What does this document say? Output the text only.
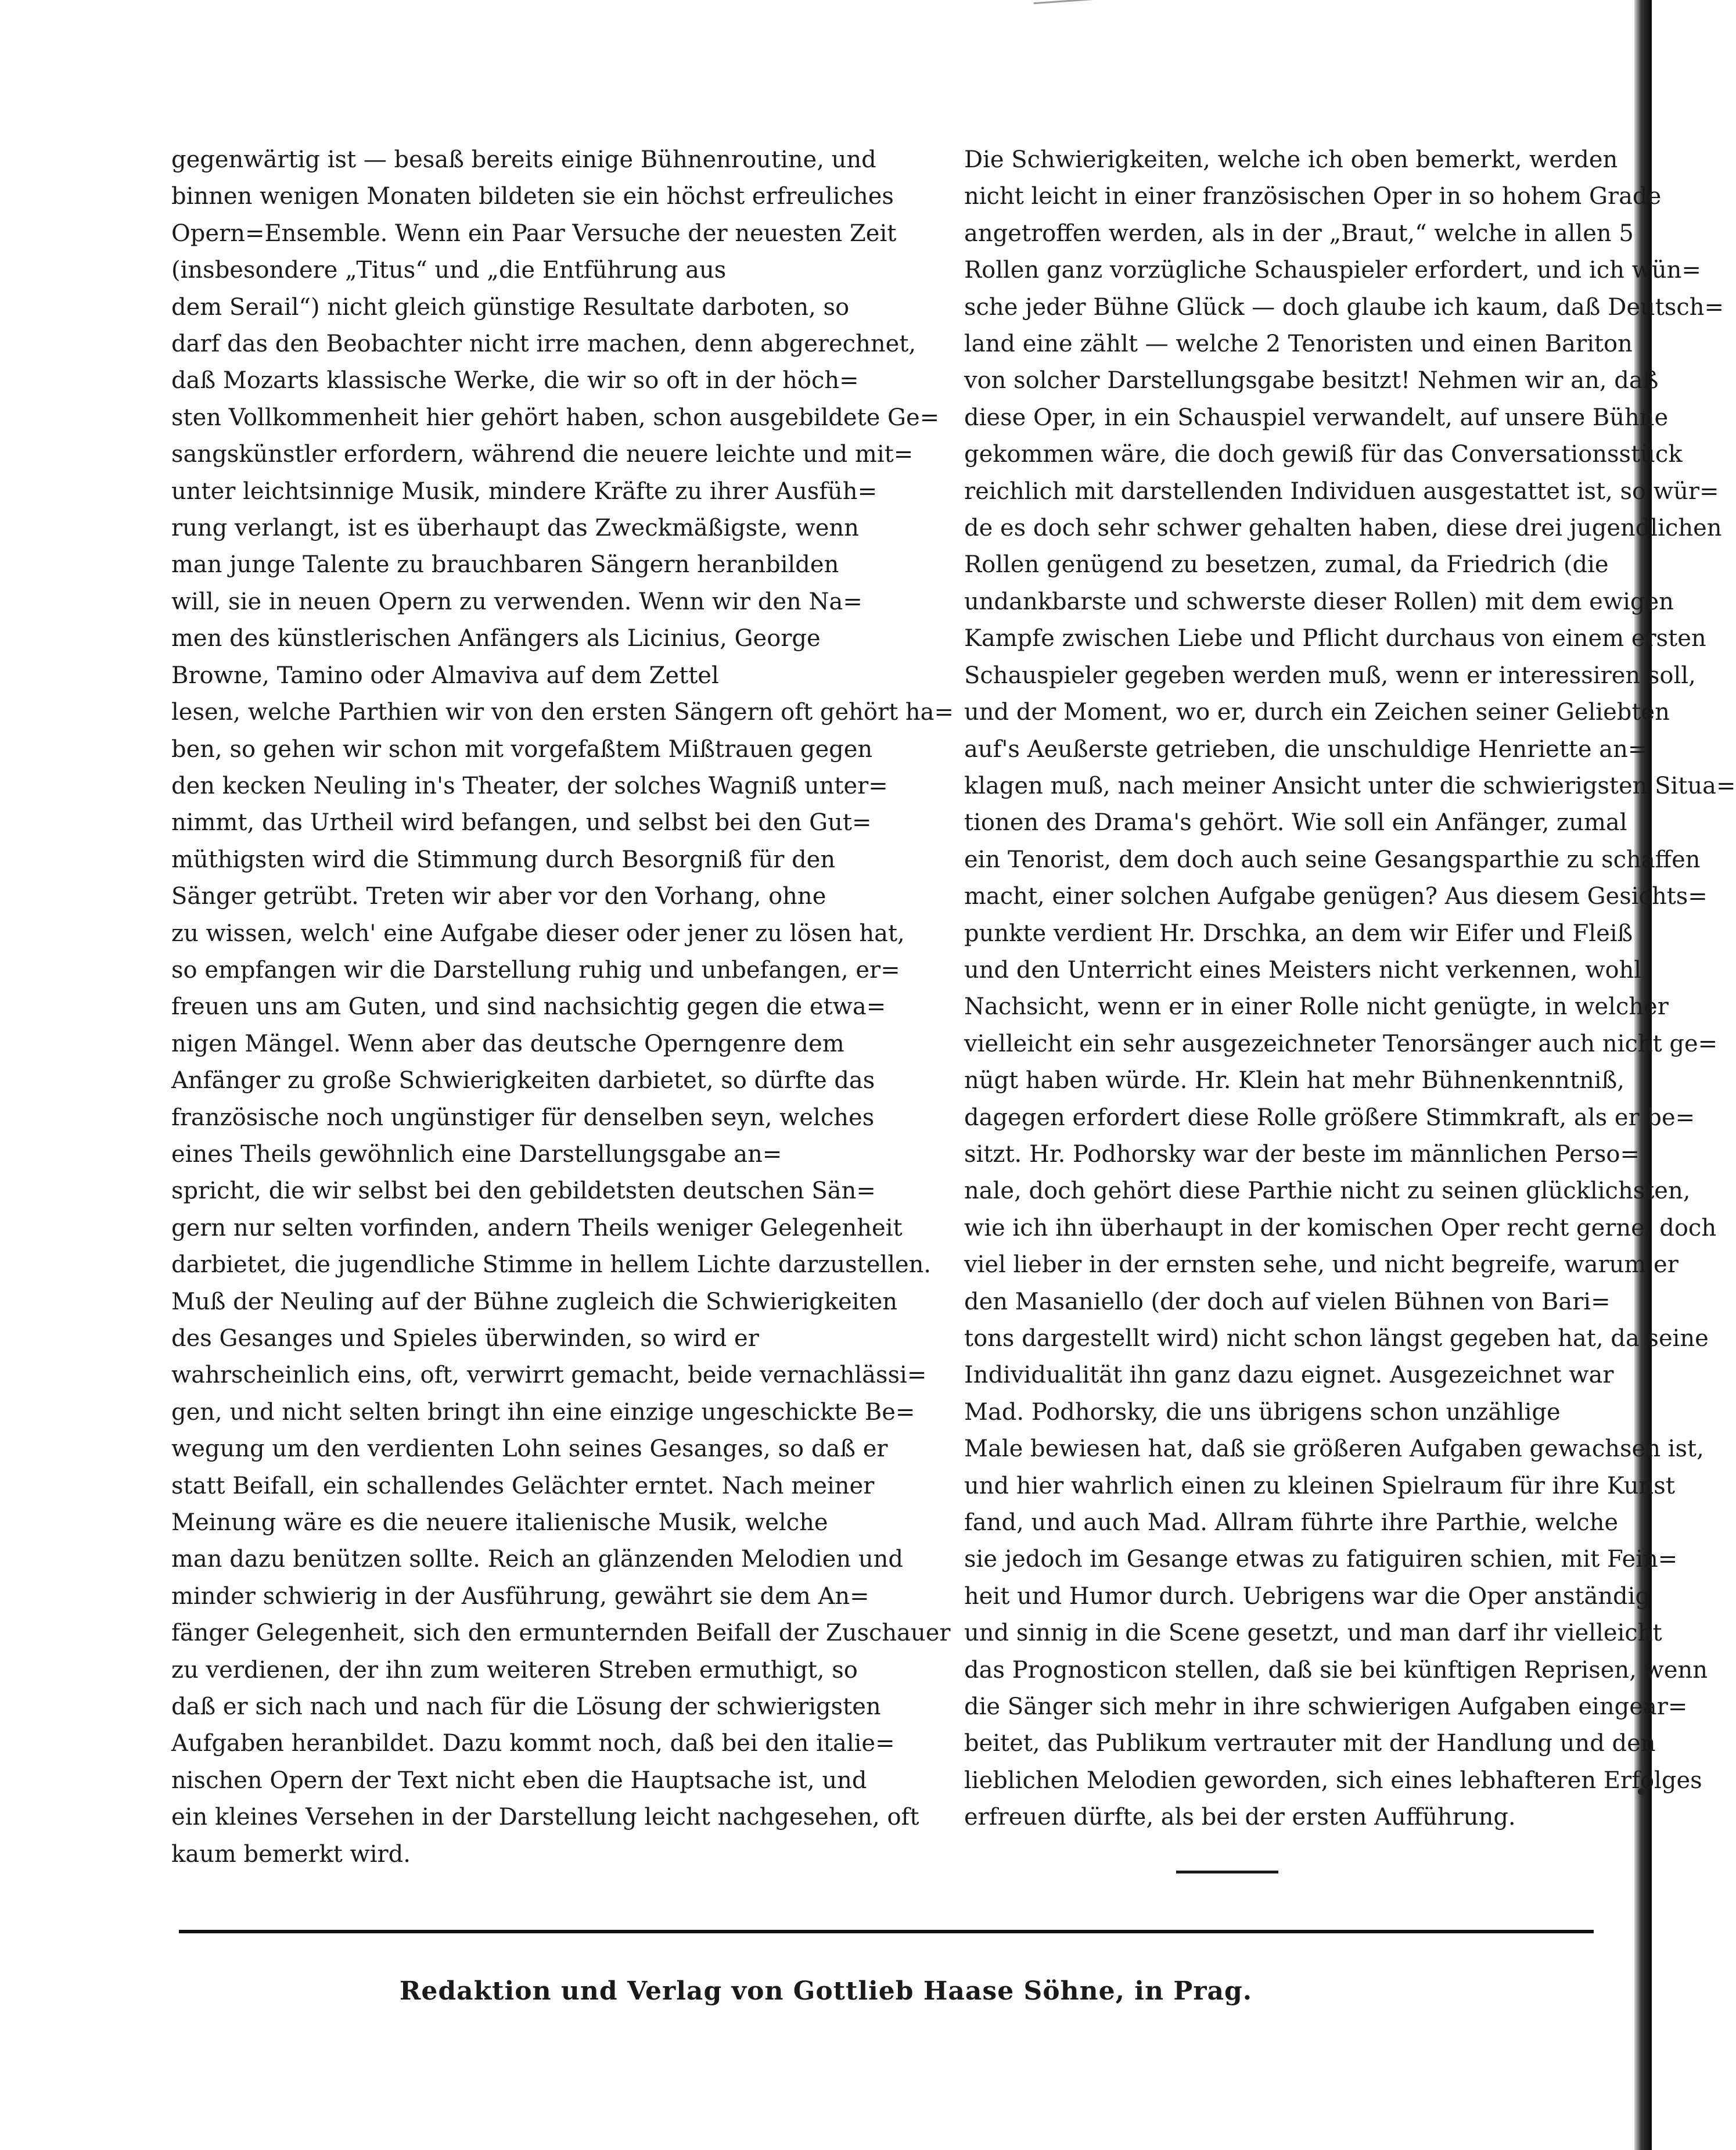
gegenwärtig ist — besaß bereits einige Bühnenroutine, und
binnen wenigen Monaten bildeten sie ein höchst erfreuliches
Opern=Ensemble. Wenn ein Paar Versuche der neuesten Zeit
(insbesondere „Titus“ und „die Entführung aus
dem Serail“) nicht gleich günstige Resultate darboten, so
darf das den Beobachter nicht irre machen, denn abgerechnet,
daß Mozarts klassische Werke, die wir so oft in der höch=
sten Vollkommenheit hier gehört haben, schon ausgebildete Ge=
sangskünstler erfordern, während die neuere leichte und mit=
unter leichtsinnige Musik, mindere Kräfte zu ihrer Ausfüh=
rung verlangt, ist es überhaupt das Zweckmäßigste, wenn
man junge Talente zu brauchbaren Sängern heranbilden
will, sie in neuen Opern zu verwenden. Wenn wir den Na=
men des künstlerischen Anfängers als Licinius, George
Browne, Tamino oder Almaviva auf dem Zettel
lesen, welche Parthien wir von den ersten Sängern oft gehört ha=
ben, so gehen wir schon mit vorgefaßtem Mißtrauen gegen
den kecken Neuling in's Theater, der solches Wagniß unter=
nimmt, das Urtheil wird befangen, und selbst bei den Gut=
müthigsten wird die Stimmung durch Besorgniß für den
Sänger getrübt. Treten wir aber vor den Vorhang, ohne
zu wissen, welch' eine Aufgabe dieser oder jener zu lösen hat,
so empfangen wir die Darstellung ruhig und unbefangen, er=
freuen uns am Guten, und sind nachsichtig gegen die etwa=
nigen Mängel. Wenn aber das deutsche Operngenre dem
Anfänger zu große Schwierigkeiten darbietet, so dürfte das
französische noch ungünstiger für denselben seyn, welches
eines Theils gewöhnlich eine Darstellungsgabe an=
spricht, die wir selbst bei den gebildetsten deutschen Sän=
gern nur selten vorfinden, andern Theils weniger Gelegenheit
darbietet, die jugendliche Stimme in hellem Lichte darzustellen.
Muß der Neuling auf der Bühne zugleich die Schwierigkeiten
des Gesanges und Spieles überwinden, so wird er
wahrscheinlich eins, oft, verwirrt gemacht, beide vernachlässi=
gen, und nicht selten bringt ihn eine einzige ungeschickte Be=
wegung um den verdienten Lohn seines Gesanges, so daß er
statt Beifall, ein schallendes Gelächter erntet. Nach meiner
Meinung wäre es die neuere italienische Musik, welche
man dazu benützen sollte. Reich an glänzenden Melodien und
minder schwierig in der Ausführung, gewährt sie dem An=
fänger Gelegenheit, sich den ermunternden Beifall der Zuschauer
zu verdienen, der ihn zum weiteren Streben ermuthigt, so
daß er sich nach und nach für die Lösung der schwierigsten
Aufgaben heranbildet. Dazu kommt noch, daß bei den italie=
nischen Opern der Text nicht eben die Hauptsache ist, und
ein kleines Versehen in der Darstellung leicht nachgesehen, oft
kaum bemerkt wird.

Die Schwierigkeiten, welche ich oben bemerkt, werden
nicht leicht in einer französischen Oper in so hohem Grade
angetroffen werden, als in der „Braut,“ welche in allen 5
Rollen ganz vorzügliche Schauspieler erfordert, und ich wün=
sche jeder Bühne Glück — doch glaube ich kaum, daß Deutsch=
land eine zählt — welche 2 Tenoristen und einen Bariton
von solcher Darstellungsgabe besitzt! Nehmen wir an, daß
diese Oper, in ein Schauspiel verwandelt, auf unsere Bühne
gekommen wäre, die doch gewiß für das Conversationsstück
reichlich mit darstellenden Individuen ausgestattet ist, so wür=
de es doch sehr schwer gehalten haben, diese drei jugendlichen
Rollen genügend zu besetzen, zumal, da Friedrich (die
undankbarste und schwerste dieser Rollen) mit dem ewigen
Kampfe zwischen Liebe und Pflicht durchaus von einem ersten
Schauspieler gegeben werden muß, wenn er interessiren soll,
und der Moment, wo er, durch ein Zeichen seiner Geliebten
auf's Aeußerste getrieben, die unschuldige Henriette an=
klagen muß, nach meiner Ansicht unter die schwierigsten Situa=
tionen des Drama's gehört. Wie soll ein Anfänger, zumal
ein Tenorist, dem doch auch seine Gesangsparthie zu schaffen
macht, einer solchen Aufgabe genügen? Aus diesem Gesichts=
punkte verdient Hr. Drschka, an dem wir Eifer und Fleiß
und den Unterricht eines Meisters nicht verkennen, wohl
Nachsicht, wenn er in einer Rolle nicht genügte, in welcher
vielleicht ein sehr ausgezeichneter Tenorsänger auch nicht ge=
nügt haben würde. Hr. Klein hat mehr Bühnenkenntniß,
dagegen erfordert diese Rolle größere Stimmkraft, als er be=
sitzt. Hr. Podhorsky war der beste im männlichen Perso=
nale, doch gehört diese Parthie nicht zu seinen glücklichsten,
wie ich ihn überhaupt in der komischen Oper recht gerne, doch
viel lieber in der ernsten sehe, und nicht begreife, warum er
den Masaniello (der doch auf vielen Bühnen von Bari=
tons dargestellt wird) nicht schon längst gegeben hat, da seine
Individualität ihn ganz dazu eignet. Ausgezeichnet war
Mad. Podhorsky, die uns übrigens schon unzählige
Male bewiesen hat, daß sie größeren Aufgaben gewachsen ist,
und hier wahrlich einen zu kleinen Spielraum für ihre Kunst
fand, und auch Mad. Allram führte ihre Parthie, welche
sie jedoch im Gesange etwas zu fatiguiren schien, mit Fein=
heit und Humor durch. Uebrigens war die Oper anständig
und sinnig in die Scene gesetzt, und man darf ihr vielleicht
das Prognosticon stellen, daß sie bei künftigen Reprisen, wenn
die Sänger sich mehr in ihre schwierigen Aufgaben eingear=
beitet, das Publikum vertrauter mit der Handlung und den
lieblichen Melodien geworden, sich eines lebhafteren Erfolges
erfreuen dürfte, als bei der ersten Aufführung.

Redaktion und Verlag von Gottlieb Haase Söhne, in Prag.
